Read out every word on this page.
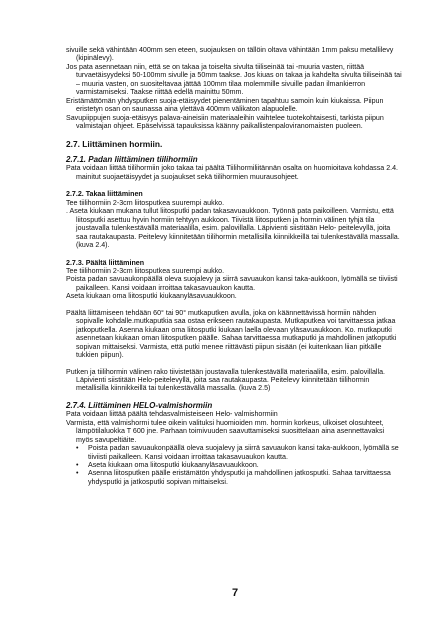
sivuille sekä vähintään 400mm sen eteen, suojauksen on tällöin oltava vähintään 1mm paksu metallilevy (kipinälevy).

Jos pata asennetaan niin, että se on takaa ja toiselta sivulta tiiliseinää tai -muuria vasten, riittää turvaetäisyydeksi 50-100mm sivulle ja 50mm taakse. Jos kiuas on takaa ja kahdelta sivulta tiiliseinää tai – muuria vasten, on suositeltavaa jättää 100mm tilaa molemmille sivuille padan ilmankierron varmistamiseksi. Taakse riittää edellä mainittu 50mm.

Eristämättömän yhdysputken suoja-etäisyydet pienentäminen tapahtuu samoin kuin kiukaissa. Piipun eristetyn osan on saunassa aina ylettävä 400mm välikaton alapuolelle.

Savupiippujen suoja-etäisyys palava-aineisiin materiaaleihin vaihtelee tuotekohtaisesti, tarkista piipun valmistajan ohjeet. Epäselvissä tapauksissa käänny paikallistenpaloviranomaisten puoleen.

2.7. Liittäminen hormiin.

2.7.1. Padan liittäminen tiilihormiin

Pata voidaan liittää tiilihormiin joko takaa tai päältä Tiilihormiliitännän osalta on huomioitava kohdassa 2.4. mainitut suojaetäisyydet ja suojaukset sekä tiilihormien muurausohjeet.

2.7.2. Takaa liittäminen

Tee tiilihormiin 2-3cm liitosputkea suurempi aukko.

. Aseta kiukaan mukana tullut liitosputki padan takasavuaukkoon. Työnnä pata paikoilleen. Varmistu, että liitosputki asettuu hyvin hormiin tehtyyn aukkoon. Tiivistä liitosputken ja hormin välinen tyhjä tila joustavalla tulenkestävällä materiaalilla, esim. palovillalla. Läpivienti siistitään Helo- peitelevyllä, joita saa rautakaupasta. Peitelevy kiinnitetään tiilihormin metallisilla kiinnikkeillä tai tulenkestävällä massalla. (kuva 2.4).

2.7.3. Päältä liittäminen

Tee tiilihormiin 2-3cm liitosputkea suurempi aukko.

Poista padan savuaukonpäällä oleva suojalevy ja siirrä savuaukon kansi taka-aukkoon, lyömällä se tiiviisti paikalleen. Kansi voidaan irroittaa takasavuaukon kautta.

Aseta kiukaan oma liitosputki kiukaanyläsavuaukkoon.

Päältä liittämiseen tehdään 60° tai 90° mutkaputken avulla, joka on käännettävissä hormiin nähden sopivalle kohdalle.mutkaputkia saa ostaa erikseen rautakaupasta. Mutkaputkea voi tarvittaessa jatkaa jatkoputkella. Asenna kiukaan oma liitosputki kiukaan laella olevaan yläsavuaukkoon. Ko. mutkaputki asennetaan kiukaan oman liitosputken päälle. Sahaa tarvittaessa mutkaputki ja mahdollinen jatkoputki sopivan mittaiseksi. Varmista, että putki menee riittävästi piipun sisään (ei kuitenkaan liian pitkälle tukkien piipun).

Putken ja tiilihormin välinen rako tiivistetään joustavalla tulenkestävällä materiaalilla, esim. palovillalla. Läpivienti siistitään Helo-peitelevyllä, joita saa rautakaupasta. Peitelevy kiinnitetään tiilihormin metallisilla kiinnikkeillä tai tulenkestävällä massalla. (kuva 2.5)

2.7.4. Liittäminen HELO-valmishormiin

Pata voidaan liittää päältä tehdasvalmisteiseen Helo- valmishormiin

Varmista, että valmishormi tulee oikein valituksi huomioiden mm. hormin korkeus, ulkoiset olosuhteet, lämpötilaluokka T 600 jne. Parhaan toimivuuden saavuttamiseksi suosittelaan aina asennettavaksi myös savupeltiäite.

• Poista padan savuaukonpäällä oleva suojalevy ja siirrä savuaukon kansi taka-aukkoon, lyömällä se tiiviisti paikalleen. Kansi voidaan irroittaa takasavuaukon kautta.
• Aseta kiukaan oma liitosputki kiukaanyläsavuaukkoon.
• Asenna liitosputken päälle eristämätön yhdysputki ja mahdollinen jatkosputki. Sahaa tarvittaessa yhdysputki ja jatkosputki sopivan mittaiseksi.
7
